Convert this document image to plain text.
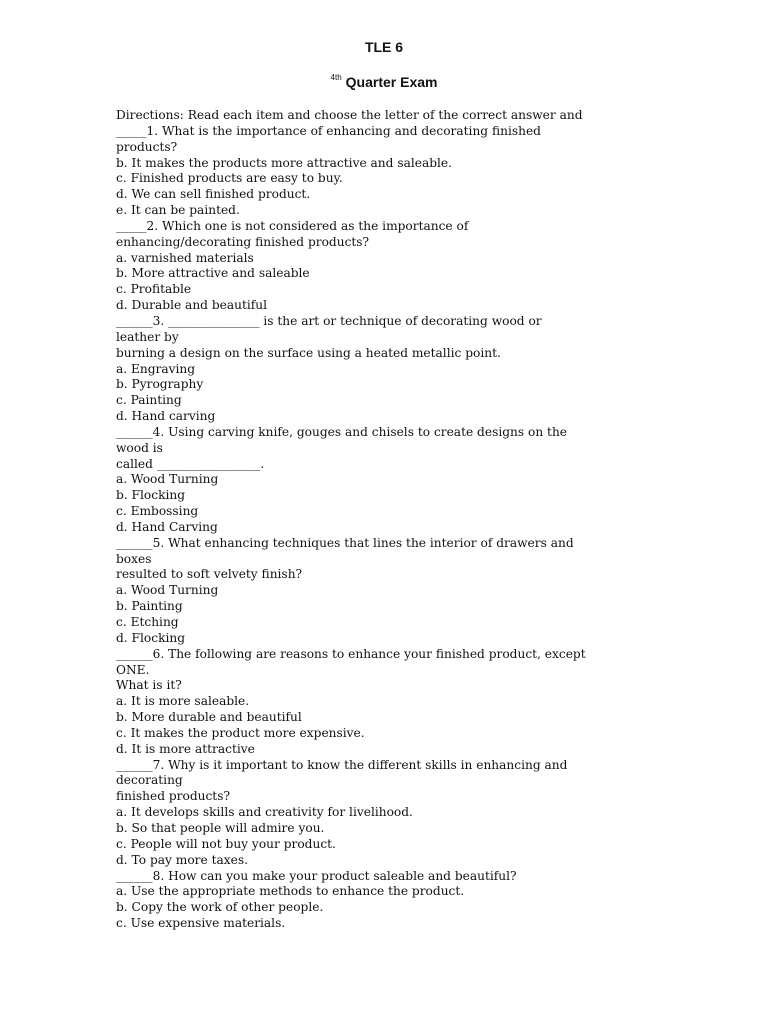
TLE 6
$^{4th}$ Quarter Exam
Directions: Read each item and choose the letter of the correct answer and
_____1. What is the importance of enhancing and decorating finished
products?
b. It makes the products more attractive and saleable.
c. Finished products are easy to buy.
d. We can sell finished product.
e. It can be painted.
_____2. Which one is not considered as the importance of
enhancing/decorating finished products?
a. varnished materials
b. More attractive and saleable
c. Profitable
d. Durable and beautiful
______3. _______________ is the art or technique of decorating wood or
leather by
burning a design on the surface using a heated metallic point.
a. Engraving
b. Pyrography
c. Painting
d. Hand carving
______4. Using carving knife, gouges and chisels to create designs on the
wood is
called _________________.
a. Wood Turning
b. Flocking
c. Embossing
d. Hand Carving
______5. What enhancing techniques that lines the interior of drawers and
boxes
resulted to soft velvety finish?
a. Wood Turning
b. Painting
c. Etching
d. Flocking
______6. The following are reasons to enhance your finished product, except
ONE.
What is it?
a. It is more saleable.
b. More durable and beautiful
c. It makes the product more expensive.
d. It is more attractive
______7. Why is it important to know the different skills in enhancing and
decorating
finished products?
a. It develops skills and creativity for livelihood.
b. So that people will admire you.
c. People will not buy your product.
d. To pay more taxes.
______8. How can you make your product saleable and beautiful?
a. Use the appropriate methods to enhance the product.
b. Copy the work of other people.
c. Use expensive materials.
